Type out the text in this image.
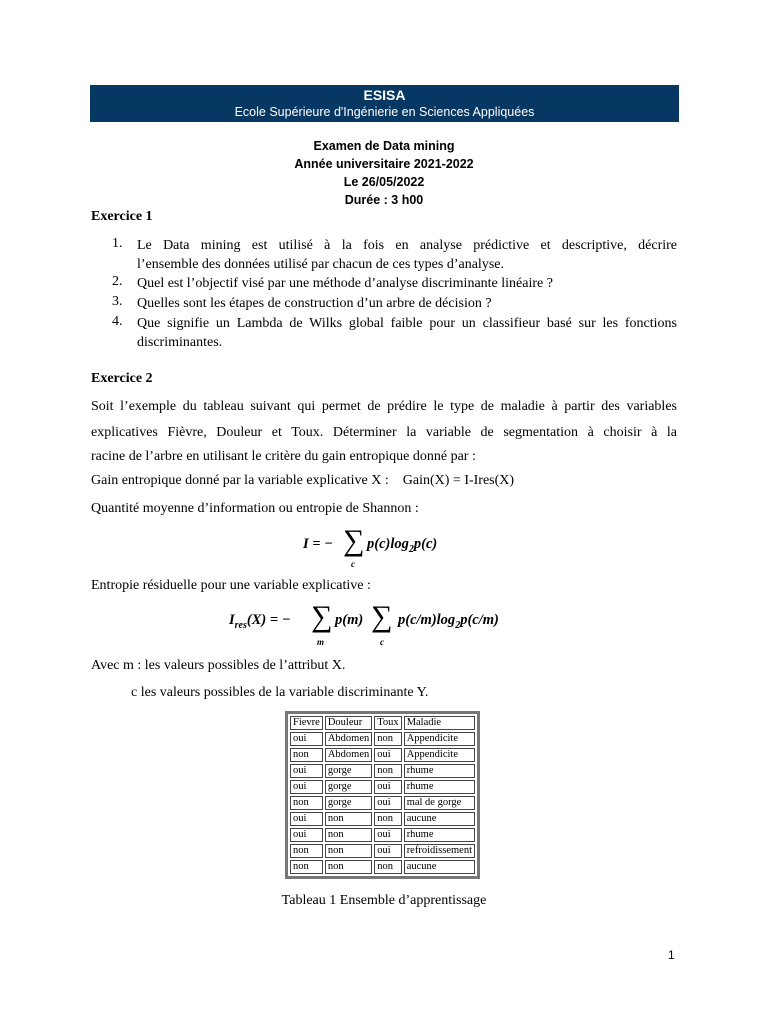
ESISA
Ecole Supérieure d'Ingénierie en Sciences Appliquées
Examen de Data mining
Année universitaire 2021-2022
Le 26/05/2022
Durée : 3 h00
Exercice 1
1. Le Data mining est utilisé à la fois en analyse prédictive et descriptive, décrire
l’ensemble des données utilisé par chacun de ces types d’analyse.
2. Quel est l’objectif visé par une méthode d’analyse discriminante linéaire ?
3. Quelles sont les étapes de construction d’un arbre de décision ?
4. Que signifie un Lambda de Wilks global faible pour un classifieur basé sur les fonctions
discriminantes.
Exercice 2
Soit l’exemple du tableau suivant qui permet de prédire le type de maladie à partir des variables
explicatives Fièvre, Douleur et Toux. Déterminer la variable de segmentation à choisir à la
racine de l’arbre en utilisant le critère du gain entropique donné par :
Gain entropique donné par la variable explicative X :    Gain(X) = I-Ires(X)
Quantité moyenne d’information ou entropie de Shannon :
I = − ∑
c
$p(c)\log_2p(c)$
Entropie résiduelle pour une variable explicative :
$I_{res}(X)$ = − ∑
m
p(m) ∑
c
$p(c/m)\log_2p(c/m)$
Avec m : les valeurs possibles de l’attribut X.
c les valeurs possibles de la variable discriminante Y.
Fievre	Douleur	Toux	Maladie
oui	Abdomen	non	Appendicite
non	Abdomen	oui	Appendicite
oui	gorge	non	rhume
oui	gorge	oui	rhume
non	gorge	oui	mal de gorge
oui	non	non	aucune
oui	non	oui	rhume
non	non	oui	refroidissement
non	non	non	aucune
Tableau 1 Ensemble d’apprentissage
1
